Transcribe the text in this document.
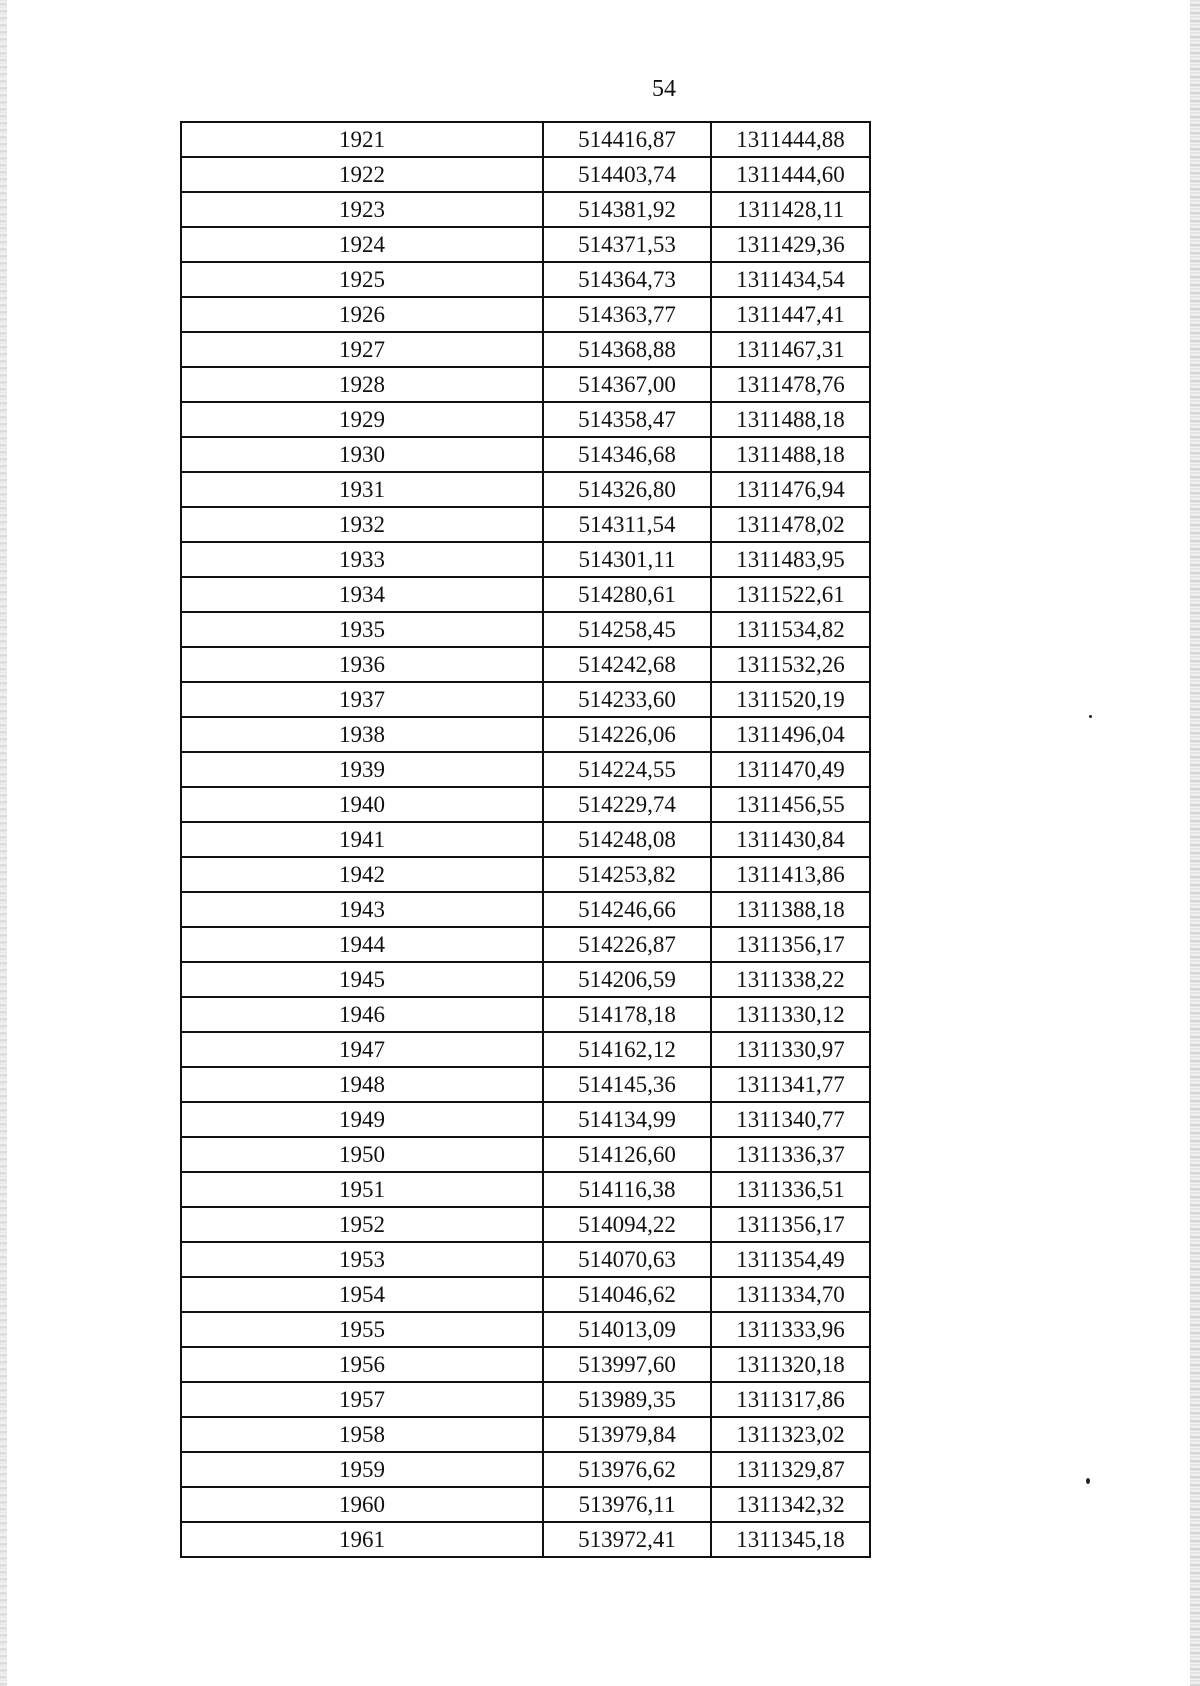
54
1921	514416,87	1311444,88
1922	514403,74	1311444,60
1923	514381,92	1311428,11
1924	514371,53	1311429,36
1925	514364,73	1311434,54
1926	514363,77	1311447,41
1927	514368,88	1311467,31
1928	514367,00	1311478,76
1929	514358,47	1311488,18
1930	514346,68	1311488,18
1931	514326,80	1311476,94
1932	514311,54	1311478,02
1933	514301,11	1311483,95
1934	514280,61	1311522,61
1935	514258,45	1311534,82
1936	514242,68	1311532,26
1937	514233,60	1311520,19
1938	514226,06	1311496,04
1939	514224,55	1311470,49
1940	514229,74	1311456,55
1941	514248,08	1311430,84
1942	514253,82	1311413,86
1943	514246,66	1311388,18
1944	514226,87	1311356,17
1945	514206,59	1311338,22
1946	514178,18	1311330,12
1947	514162,12	1311330,97
1948	514145,36	1311341,77
1949	514134,99	1311340,77
1950	514126,60	1311336,37
1951	514116,38	1311336,51
1952	514094,22	1311356,17
1953	514070,63	1311354,49
1954	514046,62	1311334,70
1955	514013,09	1311333,96
1956	513997,60	1311320,18
1957	513989,35	1311317,86
1958	513979,84	1311323,02
1959	513976,62	1311329,87
1960	513976,11	1311342,32
1961	513972,41	1311345,18
